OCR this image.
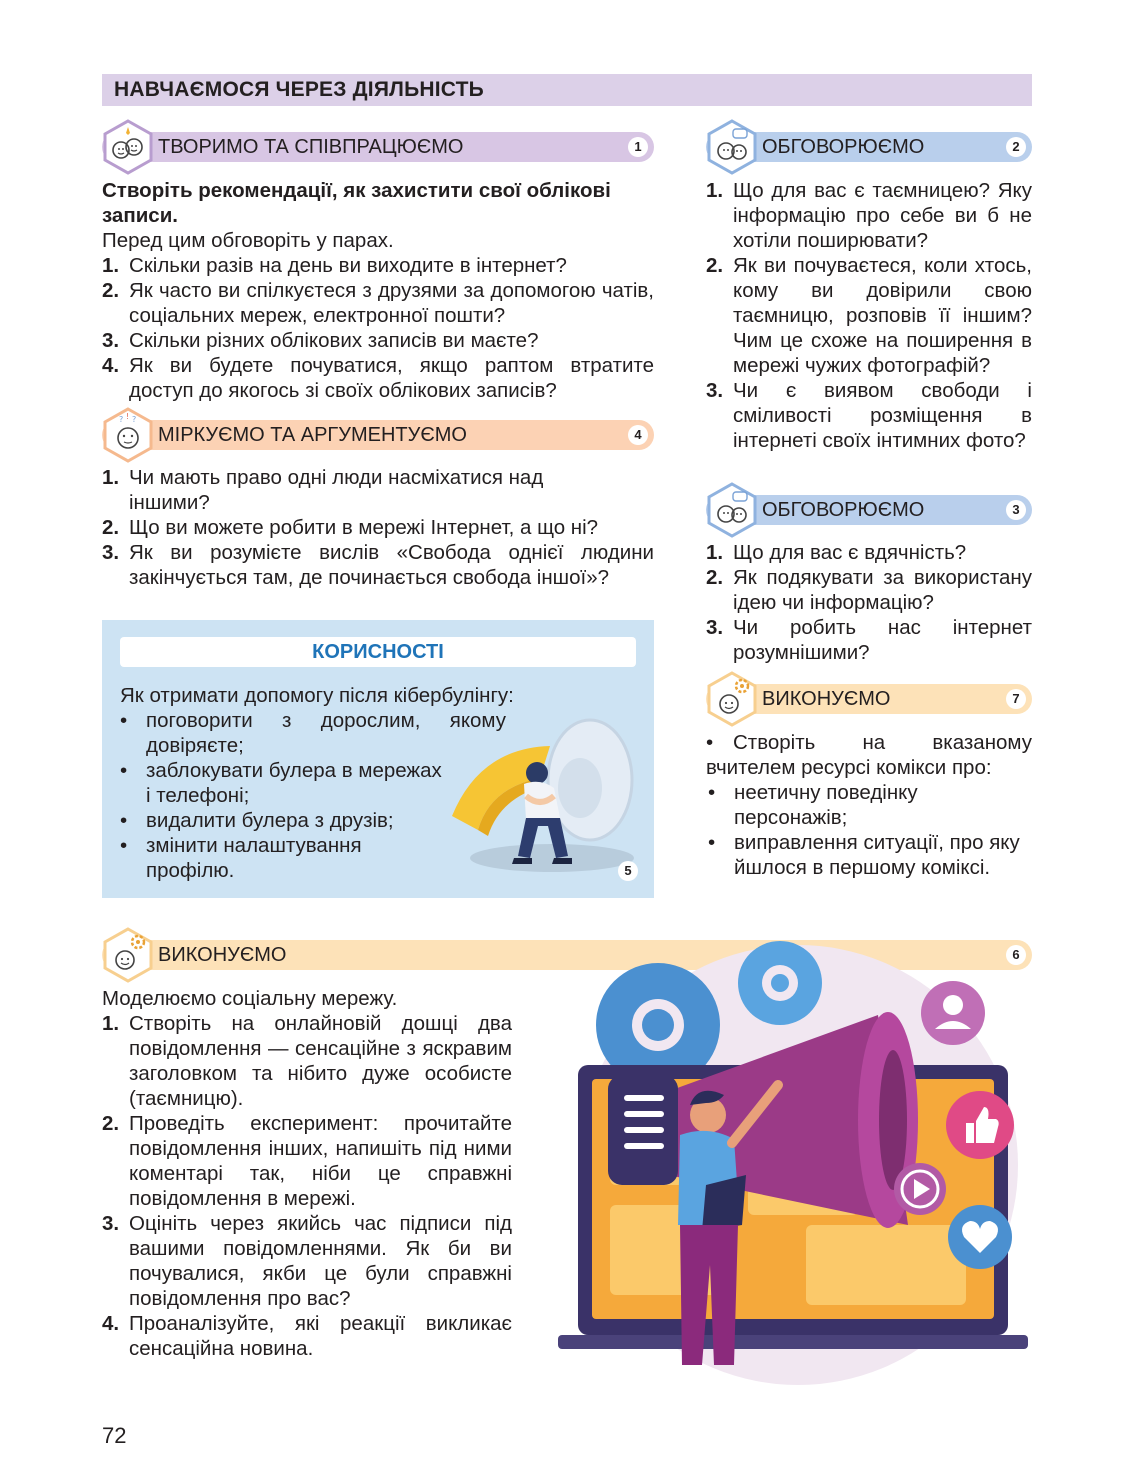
НАВЧАЄМОСЯ ЧЕРЕЗ ДІЯЛЬНІСТЬ
ТВОРИМО ТА СПІВПРАЦЮЄМО	1
Створіть рекомендації, як захистити свої облікові записи.
Перед цим обговоріть у парах.
1. Скільки разів на день ви виходите в інтернет?
2. Як часто ви спілкуєтеся з друзями за допомогою чатів, соціальних мереж, електронної пошти?
3. Скільки різних облікових записів ви маєте?
4. Як ви будете почуватися, якщо раптом втратите доступ до якогось зі своїх облікових записів?
МІРКУЄМО ТА АРГУМЕНТУЄМО	4
? ! ?
1. Чи мають право одні люди насміхатися над іншими?
2. Що ви можете робити в мережі Інтернет, а що ні?
3. Як ви розумієте вислів «Свобода однієї людини закінчується там, де починається свобода іншої»?
КОРИСНОСТІ
Як отримати допомогу після кібербулінгу:
• поговорити з дорослим, якому довіряєте;
• заблокувати булера в мережах і телефоні;
• видалити булера з друзів;
• змінити налаштування профілю.	5
ОБГОВОРЮЄМО	2
1. Що для вас є таємницею? Яку інформацію про себе ви б не хотіли поширювати?
2. Як ви почуваєтеся, коли хтось, кому ви довірили свою таємницю, розповів її іншим? Чим це схоже на поширення в мережі чужих фотографій?
3. Чи є виявом свободи і сміливості розміщення в інтернеті своїх інтимних фото?
ОБГОВОРЮЄМО	3
1. Що для вас є вдячність?
2. Як подякувати за використану ідею чи інформацію?
3. Чи робить нас інтернет розумнішими?
ВИКОНУЄМО	7
• Створіть на вказаному вчителем ресурсі комікси про:
• неетичну поведінку персонажів;
• виправлення ситуації, про яку йшлося в першому коміксі.
ВИКОНУЄМО	6
Моделюємо соціальну мережу.
1. Створіть на онлайновій дошці два повідомлення — сенсаційне з яскравим заголовком та нібито дуже особисте (таємницю).
2. Проведіть експеримент: прочитайте повідомлення інших, напишіть під ними коментарі так, ніби це справжні повідомлення в мережі.
3. Оцініть через якийсь час підписи під вашими повідомленнями. Як би ви почувалися, якби це були справжні повідомлення про вас?
4. Проаналізуйте, які реакції викликає сенсаційна новина.
72
